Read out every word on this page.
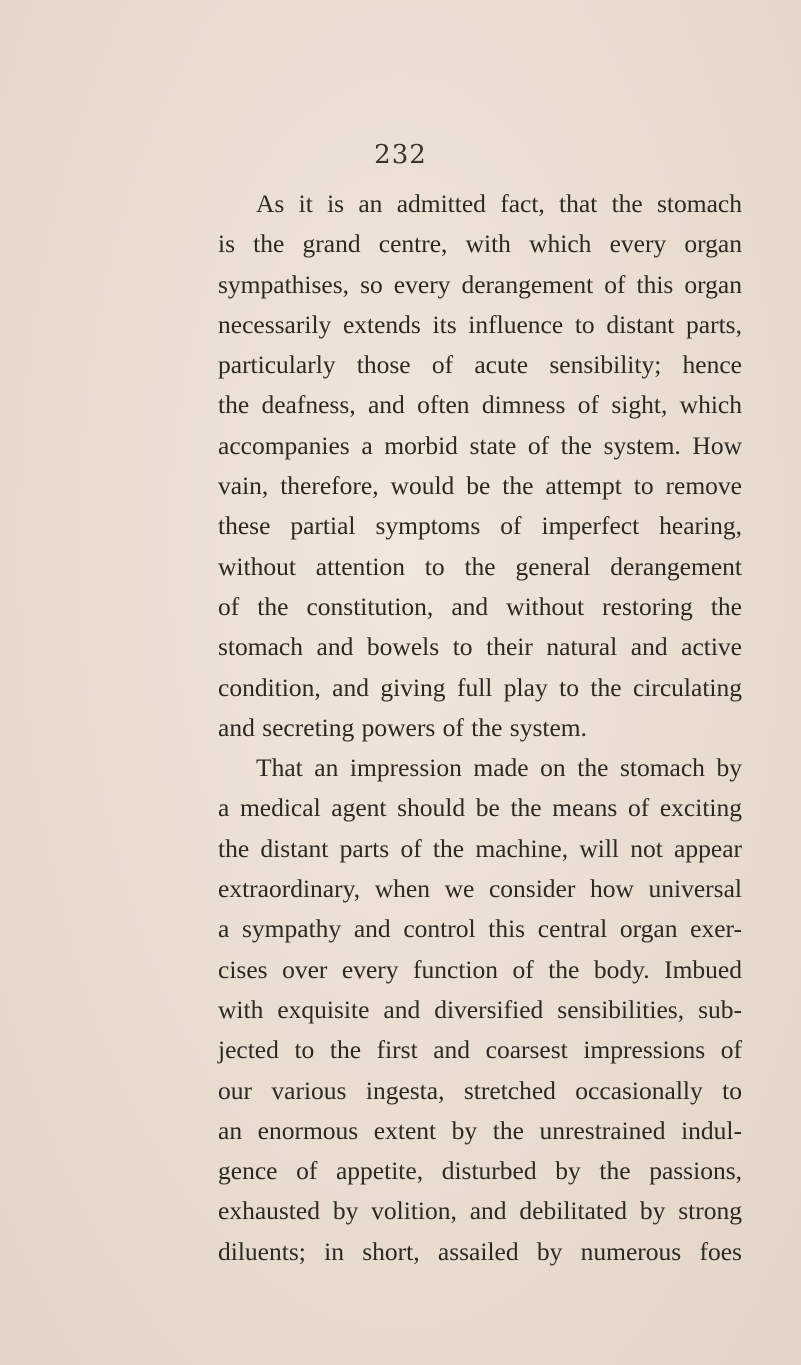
232
As it is an admitted fact, that the stomach
is the grand centre, with which every organ
sympathises, so every derangement of this organ
necessarily extends its influence to distant parts,
particularly those of acute sensibility; hence
the deafness, and often dimness of sight, which
accompanies a morbid state of the system. How
vain, therefore, would be the attempt to remove
these partial symptoms of imperfect hearing,
without attention to the general derangement
of the constitution, and without restoring the
stomach and bowels to their natural and active
condition, and giving full play to the circulating
and secreting powers of the system.
That an impression made on the stomach by
a medical agent should be the means of exciting
the distant parts of the machine, will not appear
extraordinary, when we consider how universal
a sympathy and control this central organ exer-
cises over every function of the body. Imbued
with exquisite and diversified sensibilities, sub-
jected to the first and coarsest impressions of
our various ingesta, stretched occasionally to
an enormous extent by the unrestrained indul-
gence of appetite, disturbed by the passions,
exhausted by volition, and debilitated by strong
diluents; in short, assailed by numerous foes
